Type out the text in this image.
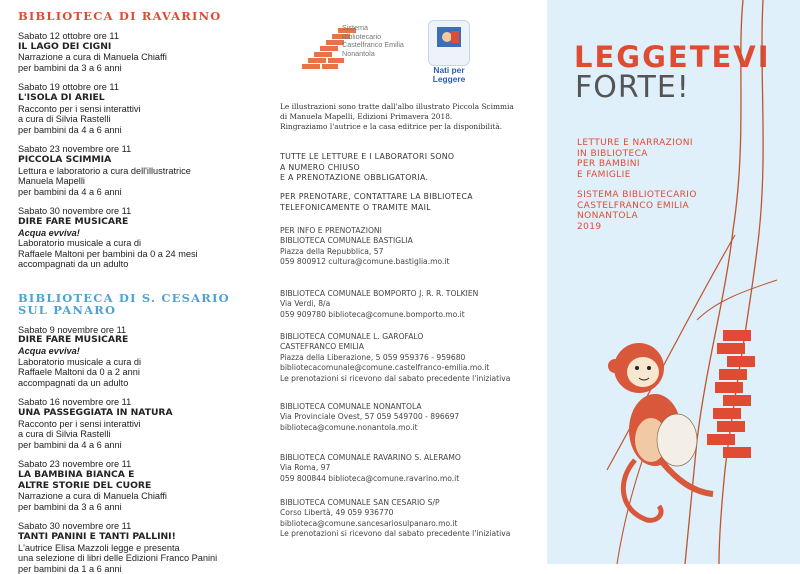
BIBLIOTECA DI RAVARINO
Sabato 12 ottobre ore 11
IL LAGO DEI CIGNI
Narrazione a cura di Manuela Chiaffi
per bambini da 3 a 6 anni
Sabato 19 ottobre ore 11
L'ISOLA DI ARIEL
Racconto per i sensi interattivi
a cura di Silvia Rastelli
per bambini da 4 a 6 anni
Sabato 23 novembre ore 11
PICCOLA SCIMMIA
Lettura e laboratorio a cura dell'illustratrice
Manuela Mapelli
per bambini da 4 a 6 anni
Sabato 30 novembre ore 11
DIRE FARE MUSICARE
Acqua evviva!
Laboratorio musicale a cura di
Raffaele Maltoni per bambini da 0 a 24 mesi
accompagnati da un adulto
BIBLIOTECA DI S. CESARIO
SUL PANARO
Sabato 9 novembre ore 11
DIRE FARE MUSICARE
Acqua evviva!
Laboratorio musicale a cura di
Raffaele Maltoni da 0 a 2 anni
accompagnati da un adulto
Sabato 16 novembre ore 11
UNA PASSEGGIATA IN NATURA
Racconto per i sensi interattivi
a cura di Silvia Rastelli
per bambini da 4 a 6 anni
Sabato 23 novembre ore 11
LA BAMBINA BIANCA E
ALTRE STORIE DEL CUORE
Narrazione a cura di Manuela Chiaffi
per bambini da 3 a 6 anni
Sabato 30 novembre ore 11
TANTI PANINI E TANTI PALLINI!
L'autrice Elisa Mazzoli legge e presenta
una selezione di libri delle Edizioni Franco Panini
per bambini da 1 a 6 anni
Sistema
Bibliotecario
Castelfranco Emilia
Nonantola
Nati per
Leggere
Le illustrazioni sono tratte dall'albo illustrato Piccola Scimmia
di Manuela Mapelli, Edizioni Primavera 2018.
Ringraziamo l'autrice e la casa editrice per la disponibilità.
TUTTE LE LETTURE E I LABORATORI SONO
A NUMERO CHIUSO
E A PRENOTAZIONE OBBLIGATORIA.
PER PRENOTARE, CONTATTARE LA BIBLIOTECA
TELEFONICAMENTE O TRAMITE MAIL
PER INFO E PRENOTAZIONI
BIBLIOTECA COMUNALE BASTIGLIA
Piazza della Repubblica, 57
059 800912 cultura@comune.bastiglia.mo.it
BIBLIOTECA COMUNALE BOMPORTO J. R. R. TOLKIEN
Via Verdi, 8/a
059 909780 biblioteca@comune.bomporto.mo.it
BIBLIOTECA COMUNALE L. GAROFALO
CASTEFRANCO EMILIA
Piazza della Liberazione, 5 059 959376 - 959680
bibliotecacomunale@comune.castelfranco-emilia.mo.it
Le prenotazioni si ricevono dal sabato precedente l'iniziativa
BIBLIOTECA COMUNALE NONANTOLA
Via Provinciale Ovest, 57 059 549700 - 896697
biblioteca@comune.nonantola.mo.it
BIBLIOTECA COMUNALE RAVARINO S. ALERAMO
Via Roma, 97
059 800844 biblioteca@comune.ravarino.mo.it
BIBLIOTECA COMUNALE SAN CESARIO S/P
Corso Libertà, 49 059 936770
biblioteca@comune.sancesariosulpanaro.mo.it
Le prenotazioni si ricevono dal sabato precedente l'iniziativa
LEGGETEVI
FORTE!
LETTURE E NARRAZIONI
IN BIBLIOTECA
PER BAMBINI
E FAMIGLIE
SISTEMA BIBLIOTECARIO
CASTELFRANCO EMILIA
NONANTOLA
2019
